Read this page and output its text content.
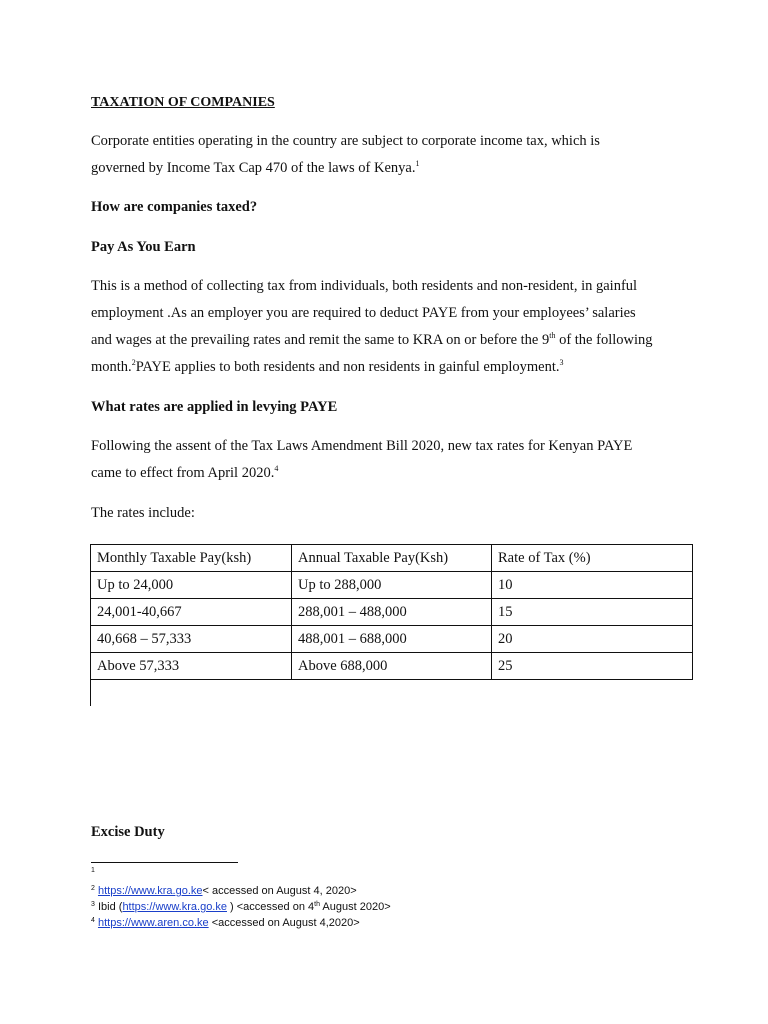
TAXATION OF COMPANIES
Corporate entities operating in the country are subject to corporate income tax, which is
governed by Income Tax Cap 470 of the laws of Kenya.$^1$
How are companies taxed?
Pay As You Earn
This is a method of collecting tax from individuals, both residents and non-resident, in gainful
employment .As an employer you are required to deduct PAYE from your employees’ salaries
and wages at the prevailing rates and remit the same to KRA on or before the 9th of the following
month.$^2$PAYE applies to both residents and non residents in gainful employment.$^3$
What rates are applied in levying PAYE
Following the assent of the Tax Laws Amendment Bill 2020, new tax rates for Kenyan PAYE
came to effect from April 2020.$^4$
The rates include:
Monthly Taxable Pay(ksh)	Annual Taxable Pay(Ksh)	Rate of Tax (%)
Up to 24,000	Up to 288,000	10
24,001-40,667	288,001 – 488,000	15
40,668 – 57,333	488,001 – 688,000	20
Above 57,333	Above 688,000	25
Excise Duty
$^1$
$^2$ https://www.kra.go.ke< accessed on August 4, 2020>
$^3$ Ibid (https://www.kra.go.ke ) <accessed on 4th August 2020>
$^4$ https://www.aren.co.ke <accessed on August 4,2020>
